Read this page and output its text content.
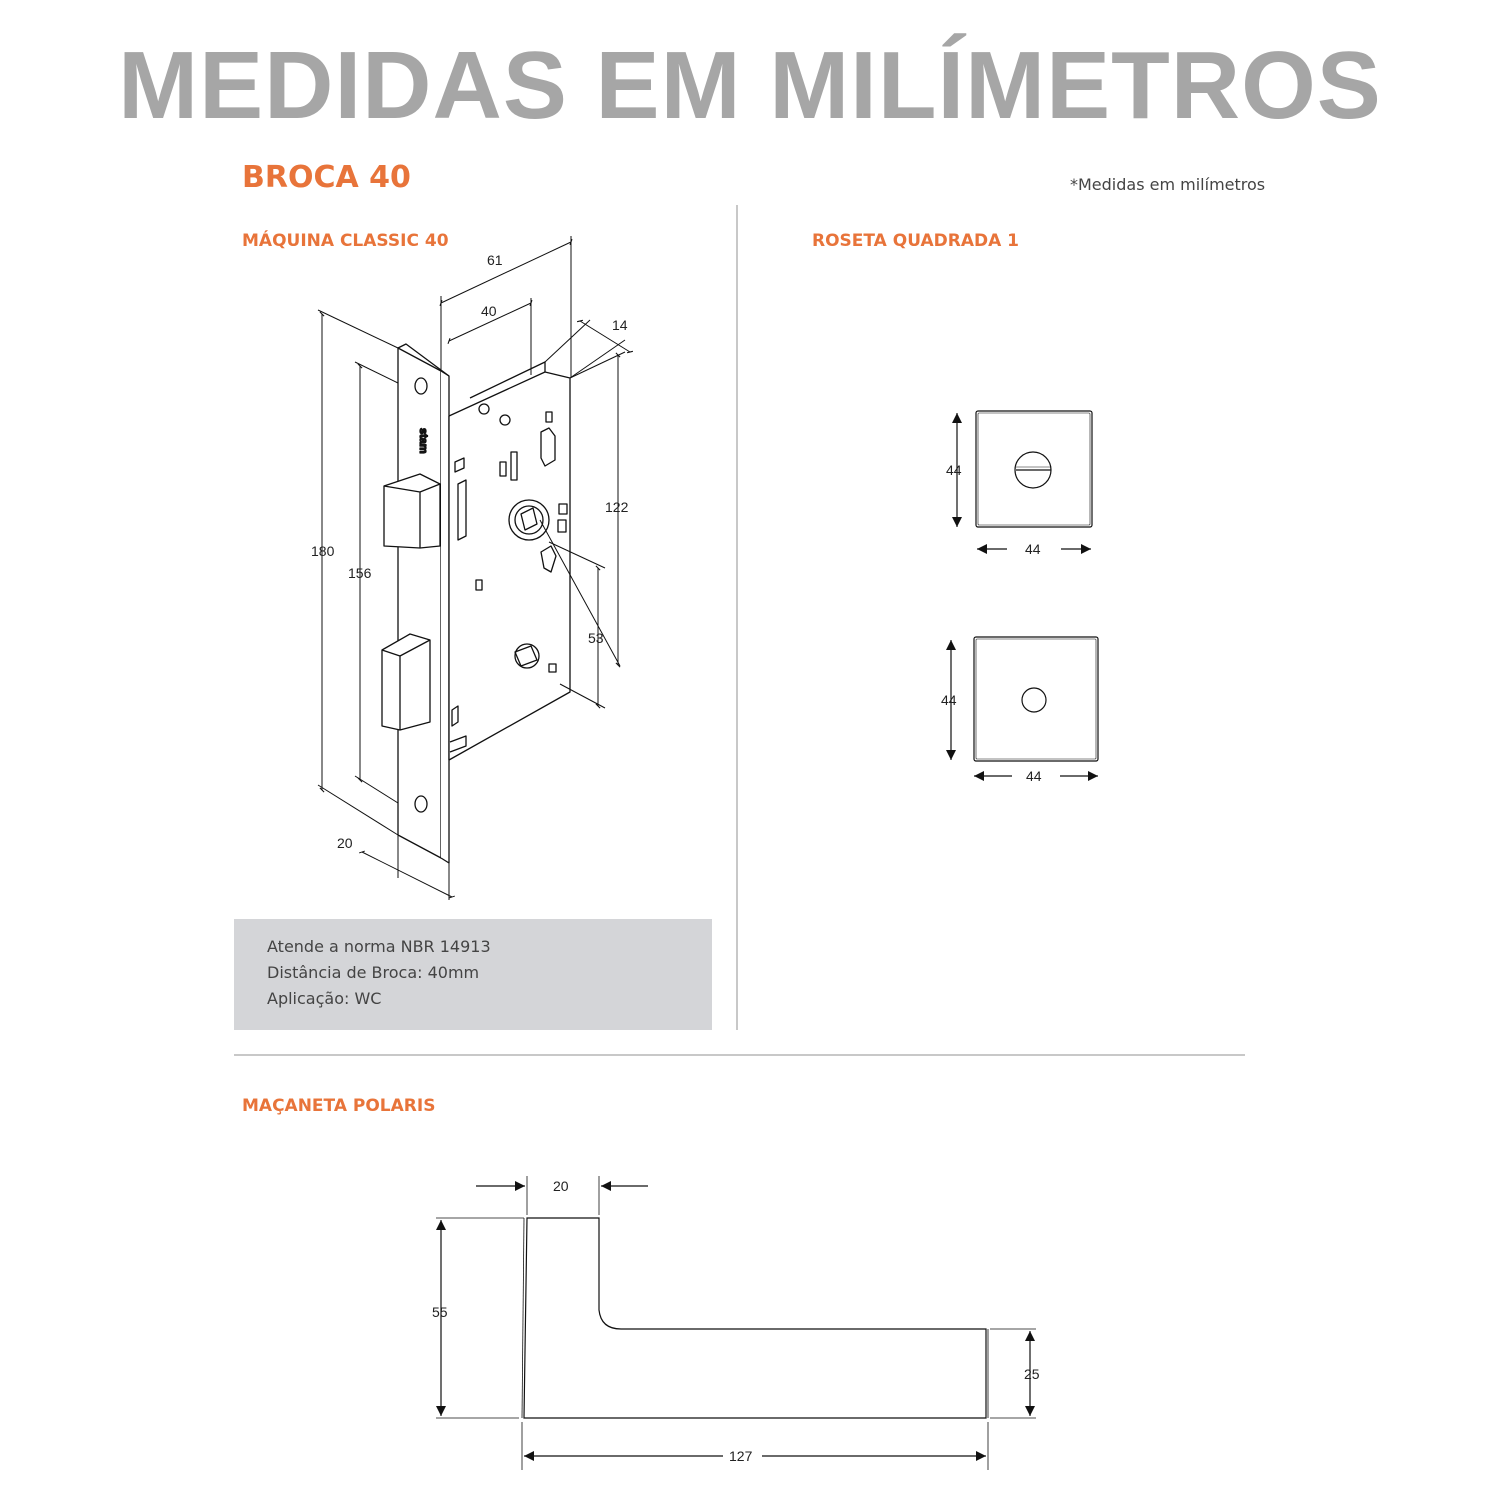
MEDIDAS EM MILÍMETROS
BROCA 40	*Medidas em milímetros
MÁQUINA CLASSIC 40	ROSETA QUADRADA 1
MAÇANETA POLARIS
Atende a norma NBR 14913
Distância de Broca: 40mm
Aplicação: WC
stam
61
40
14
180
156
122
53
20
44
44
44
44
20
55
25
127
